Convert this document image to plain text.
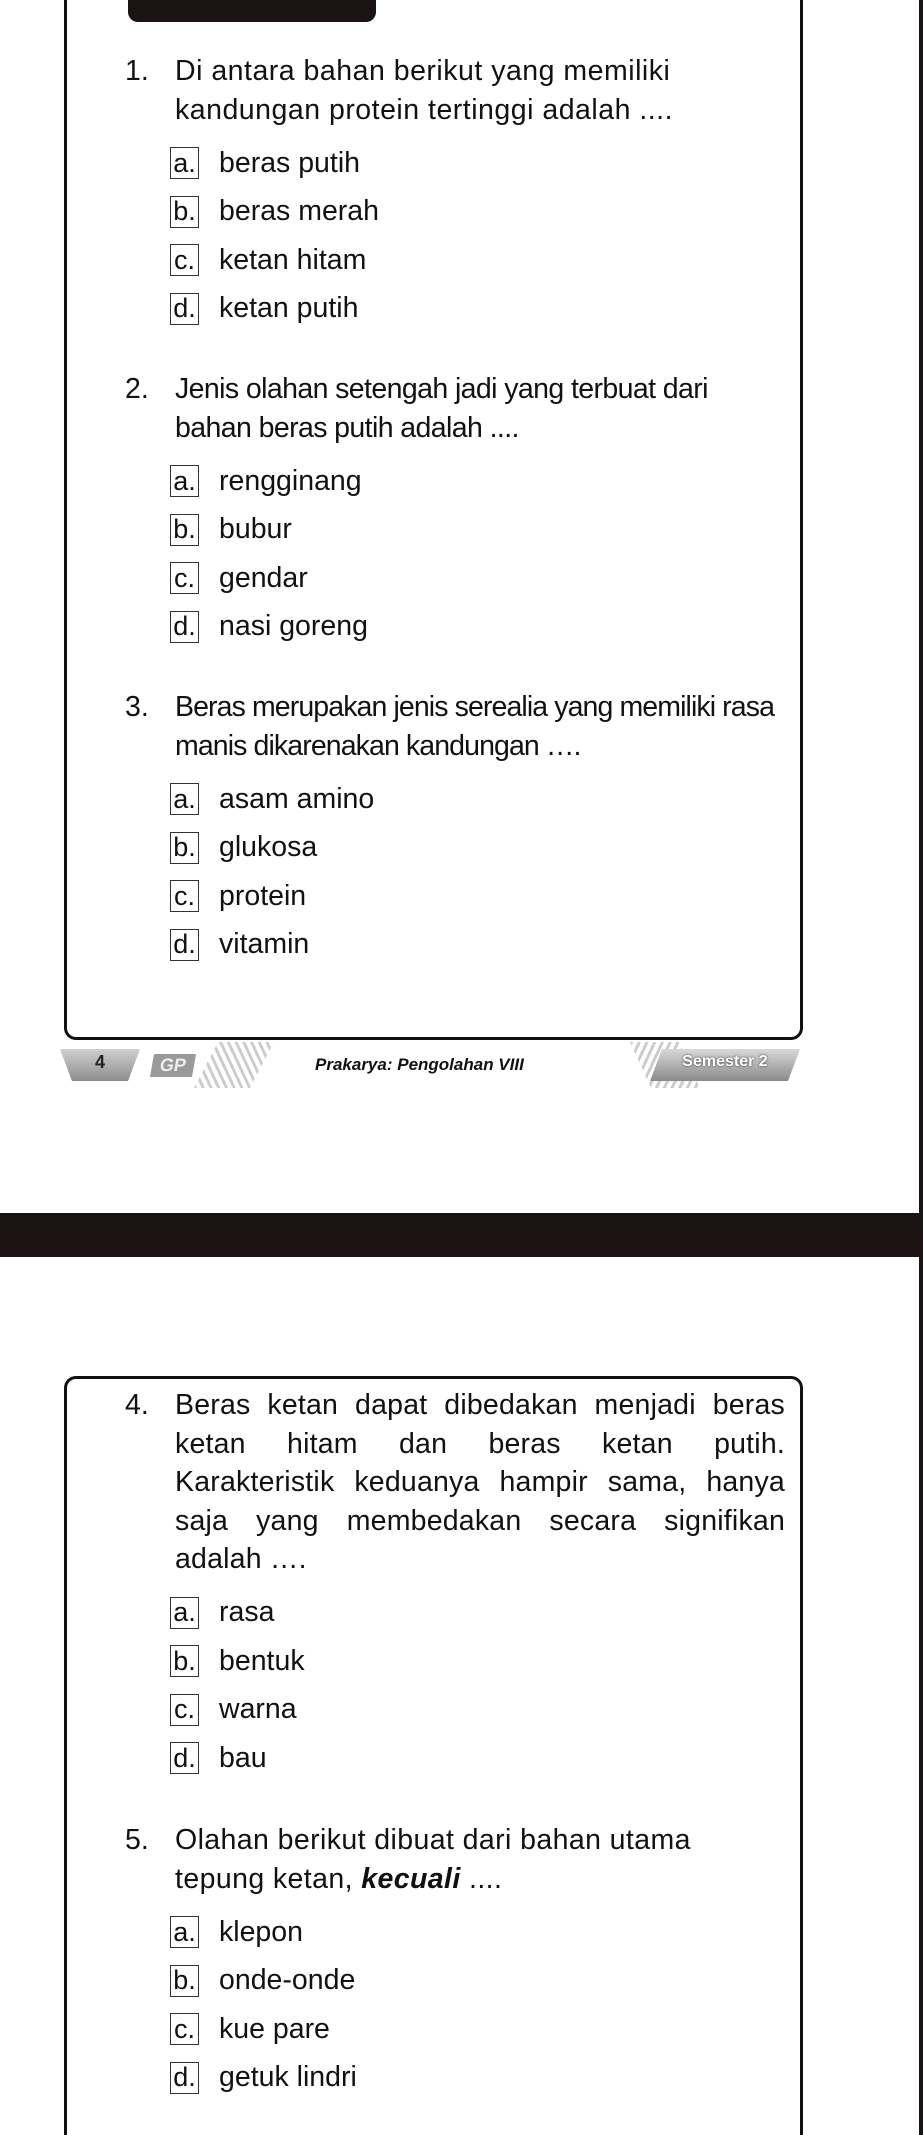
1. Di antara bahan berikut yang memiliki kandungan protein tertinggi adalah ....
a. beras putih
b. beras merah
c. ketan hitam
d. ketan putih
2. Jenis olahan setengah jadi yang terbuat dari bahan beras putih adalah ....
a. rengginang
b. bubur
c. gendar
d. nasi goreng
3. Beras merupakan jenis serealia yang memiliki rasa manis dikarenakan kandungan ….
a. asam amino
b. glukosa
c. protein
d. vitamin
4	GP	Prakarya: Pengolahan VIII	Semester 2
4. Beras ketan dapat dibedakan menjadi beras ketan hitam dan beras ketan putih. Karakteristik keduanya hampir sama, hanya saja yang membedakan secara signifikan adalah ….
a. rasa
b. bentuk
c. warna
d. bau
5. Olahan berikut dibuat dari bahan utama tepung ketan, kecuali ....
a. klepon
b. onde-onde
c. kue pare
d. getuk lindri
